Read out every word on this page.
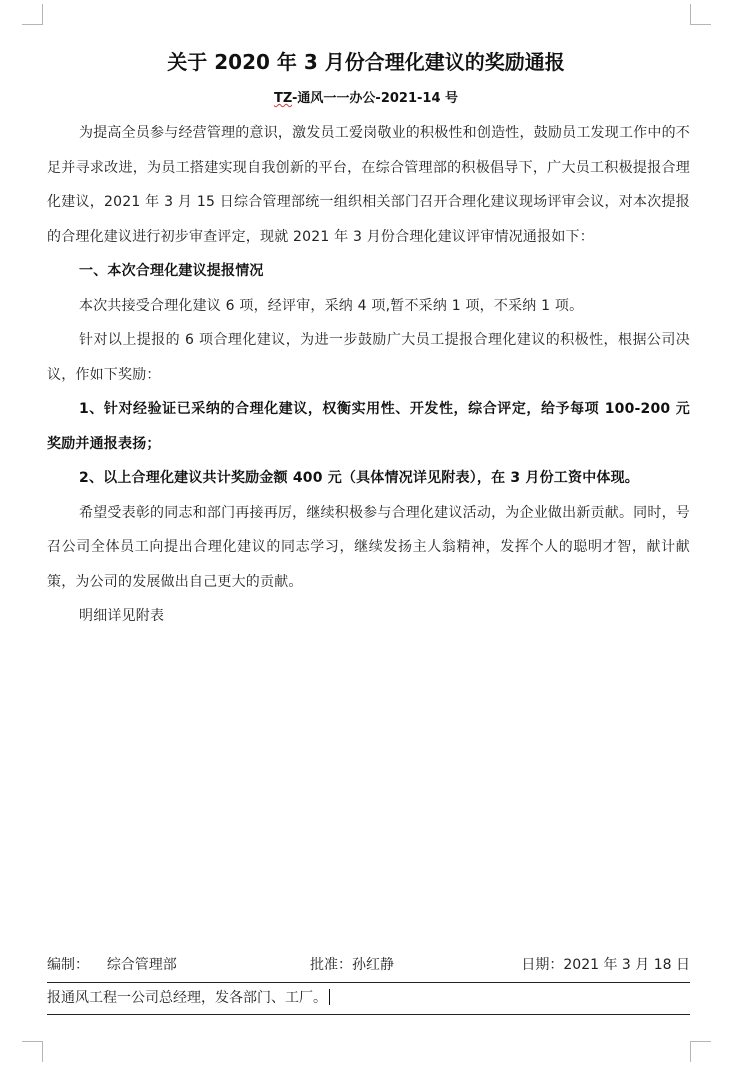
关于 2020 年 3 月份合理化建议的奖励通报
TZ-通风一一办公-2021-14 号

为提高全员参与经营管理的意识，激发员工爱岗敬业的积极性和创造性，鼓励员工发现工作中的不足并寻求改进，为员工搭建实现自我创新的平台，在综合管理部的积极倡导下，广大员工积极提报合理化建议，2021 年 3 月 15 日综合管理部统一组织相关部门召开合理化建议现场评审会议，对本次提报的合理化建议进行初步审查评定，现就 2021 年 3 月份合理化建议评审情况通报如下：

一、本次合理化建议提报情况

本次共接受合理化建议 6 项，经评审，采纳 4 项,暂不采纳 1 项，不采纳 1 项。

针对以上提报的 6 项合理化建议，为进一步鼓励广大员工提报合理化建议的积极性，根据公司决议，作如下奖励：

1、针对经验证已采纳的合理化建议，权衡实用性、开发性，综合评定，给予每项 100-200 元奖励并通报表扬；

2、以上合理化建议共计奖励金额 400 元（具体情况详见附表），在 3 月份工资中体现。

希望受表彰的同志和部门再接再厉，继续积极参与合理化建议活动，为企业做出新贡献。同时，号召公司全体员工向提出合理化建议的同志学习，继续发扬主人翁精神，发挥个人的聪明才智，献计献策，为公司的发展做出自己更大的贡献。

明细详见附表

编制： 综合管理部	批准：孙红静	日期：2021 年 3 月 18 日
报通风工程一公司总经理，发各部门、工厂。
